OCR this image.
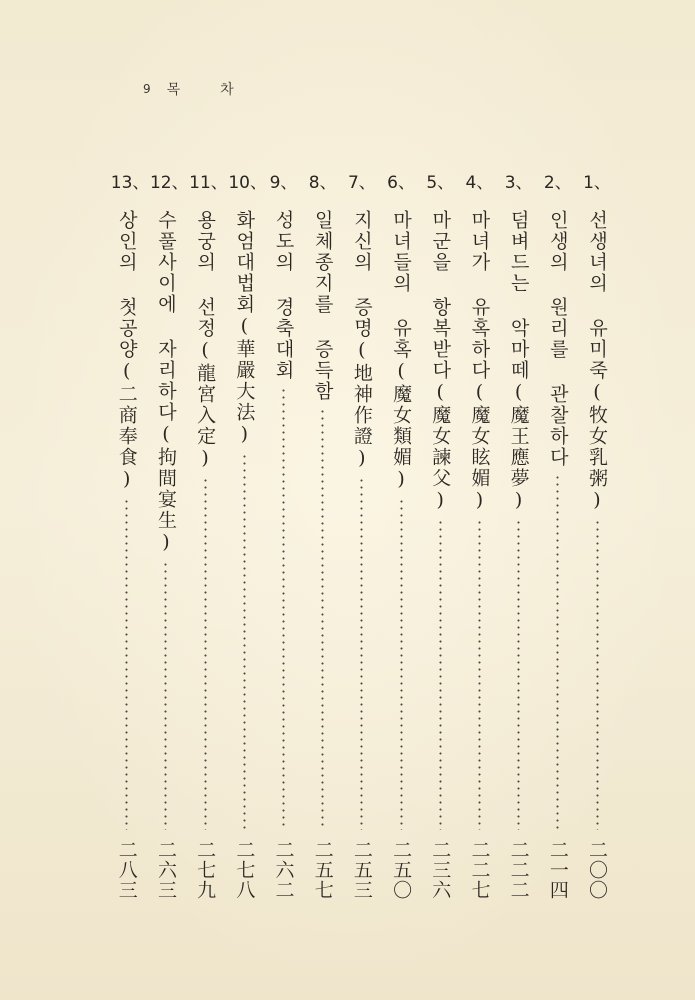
9 목차
1、
선생녀의 유미죽(牧女乳粥)
二〇〇
2、
인생의 원리를 관찰하다
二一四
3、
덤벼드는 악마떼(魔王應夢)
二二二
4、
마녀가 유혹하다(魔女眩媚)
二二七
5、
마군을 항복받다(魔女諫父)
二三六
6、
마녀들의 유혹(魔女類媚)
二五〇
7、
지신의 증명(地神作證)
二五三
8、
일체종지를 증득함
二五七
9、
성도의 경축대회
二六二
10、
화엄대법회(華嚴大法)
二七八
11、
용궁의 선정(龍宮入定)
二七九
12、
수풀사이에 자리하다(拘間宴生)
二六三
13、
상인의 첫공양(二商奉食)
二八三
